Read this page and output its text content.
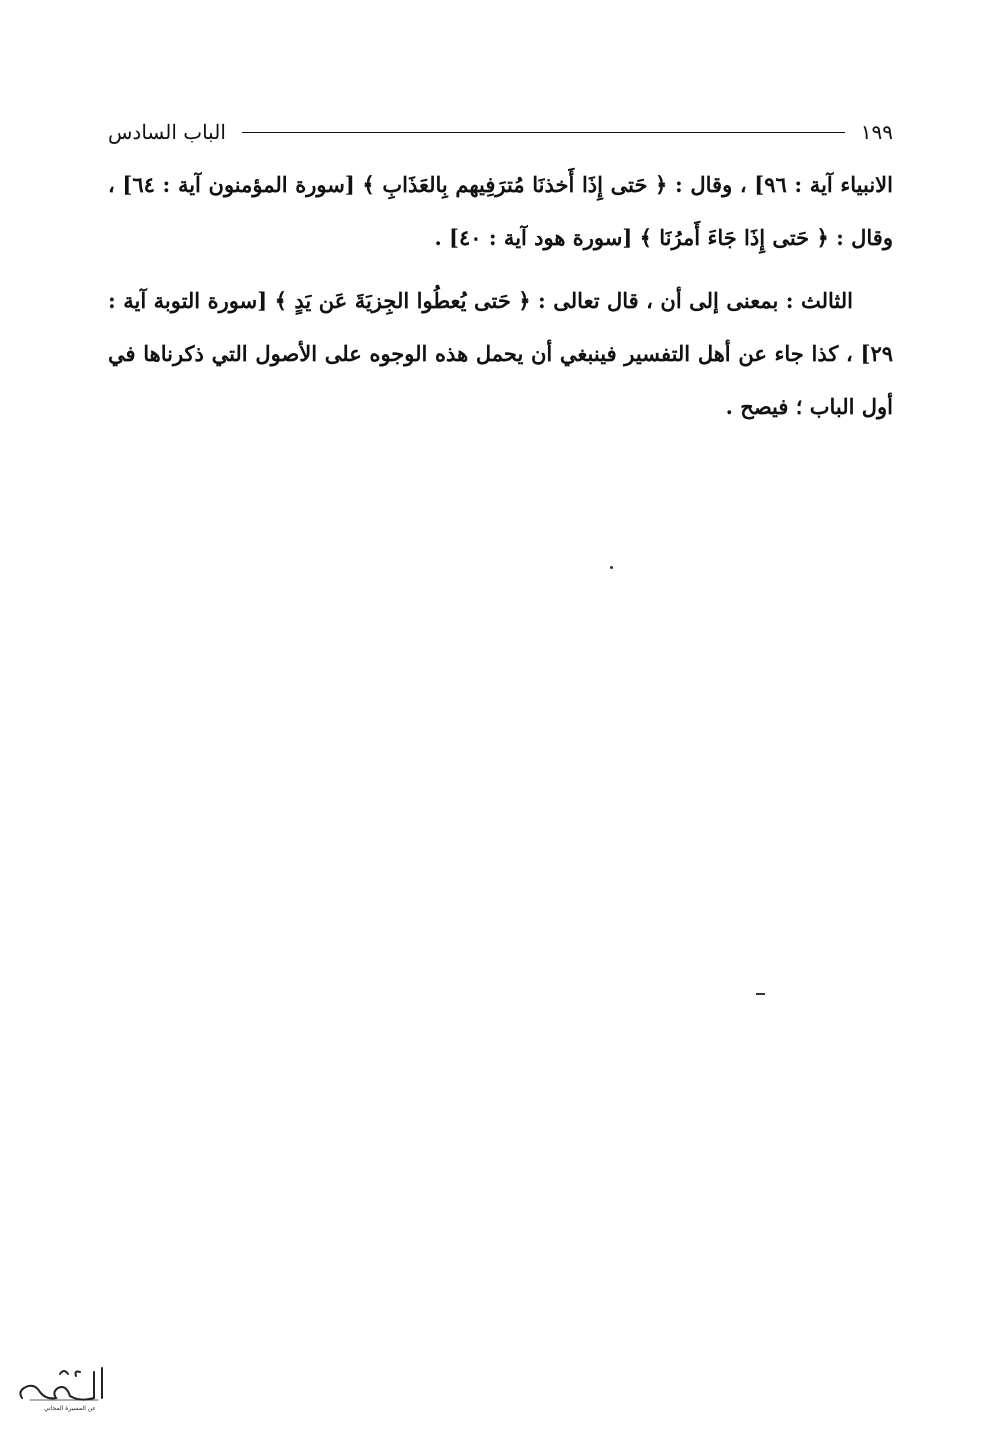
الباب السادس	١٩٩

الانبياء آية : ٩٦] ، وقال : ﴿ حَتى إِذَا أَخذنَا مُترَفِيهم بِالعَذَابِ ﴾ [سورة المؤمنون آية : ٦٤] ، وقال : ﴿ حَتى إِذَا جَاءَ أَمرُنَا ﴾ [سورة هود آية : ٤٠] .

الثالث : بمعنى إلى أن ، قال تعالى : ﴿ حَتى يُعطُوا الجِزيَةَ عَن يَدٍ ﴾ [سورة التوبة آية : ٢٩] ، كذا جاء عن أهل التفسير فينبغي أن يحمل هذه الوجوه على الأصول التي ذكرناها في أول الباب ؛ فيصح .

عن المسيرة المجاني
